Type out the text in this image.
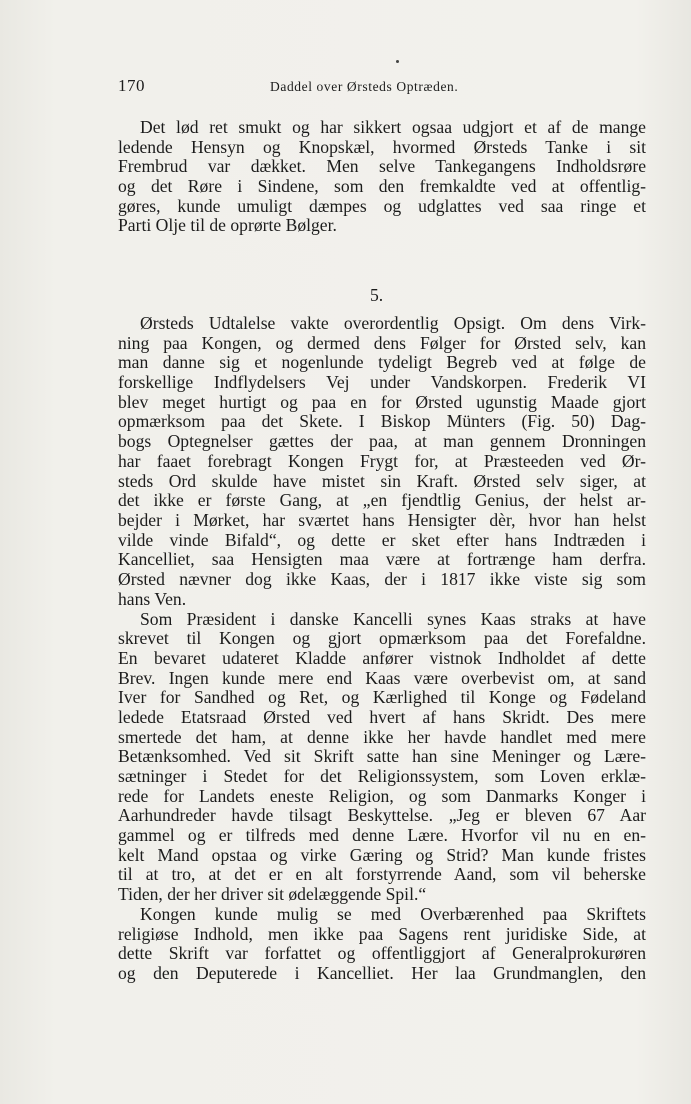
170	Daddel over Ørsteds Optræden.
Det lød ret smukt og har sikkert ogsaa udgjort et af de mange
ledende Hensyn og Knopskæl, hvormed Ørsteds Tanke i sit
Frembrud var dækket. Men selve Tankegangens Indholdsrøre
og det Røre i Sindene, som den fremkaldte ved at offentlig-
gøres, kunde umuligt dæmpes og udglattes ved saa ringe et
Parti Olje til de oprørte Bølger.
5.
Ørsteds Udtalelse vakte overordentlig Opsigt. Om dens Virk-
ning paa Kongen, og dermed dens Følger for Ørsted selv, kan
man danne sig et nogenlunde tydeligt Begreb ved at følge de
forskellige Indflydelsers Vej under Vandskorpen. Frederik VI
blev meget hurtigt og paa en for Ørsted ugunstig Maade gjort
opmærksom paa det Skete. I Biskop Münters (Fig. 50) Dag-
bogs Optegnelser gættes der paa, at man gennem Dronningen
har faaet forebragt Kongen Frygt for, at Præsteeden ved Ør-
steds Ord skulde have mistet sin Kraft. Ørsted selv siger, at
det ikke er første Gang, at „en fjendtlig Genius, der helst ar-
bejder i Mørket, har sværtet hans Hensigter dèr, hvor han helst
vilde vinde Bifald“, og dette er sket efter hans Indtræden i
Kancelliet, saa Hensigten maa være at fortrænge ham derfra.
Ørsted nævner dog ikke Kaas, der i 1817 ikke viste sig som
hans Ven.
Som Præsident i danske Kancelli synes Kaas straks at have
skrevet til Kongen og gjort opmærksom paa det Forefaldne.
En bevaret udateret Kladde anfører vistnok Indholdet af dette
Brev. Ingen kunde mere end Kaas være overbevist om, at sand
Iver for Sandhed og Ret, og Kærlighed til Konge og Fødeland
ledede Etatsraad Ørsted ved hvert af hans Skridt. Des mere
smertede det ham, at denne ikke her havde handlet med mere
Betænksomhed. Ved sit Skrift satte han sine Meninger og Lære-
sætninger i Stedet for det Religionssystem, som Loven erklæ-
rede for Landets eneste Religion, og som Danmarks Konger i
Aarhundreder havde tilsagt Beskyttelse. „Jeg er bleven 67 Aar
gammel og er tilfreds med denne Lære. Hvorfor vil nu en en-
kelt Mand opstaa og virke Gæring og Strid? Man kunde fristes
til at tro, at det er en alt forstyrrende Aand, som vil beherske
Tiden, der her driver sit ødelæggende Spil.“
Kongen kunde mulig se med Overbærenhed paa Skriftets
religiøse Indhold, men ikke paa Sagens rent juridiske Side, at
dette Skrift var forfattet og offentliggjort af Generalprokurøren
og den Deputerede i Kancelliet. Her laa Grundmanglen, den
